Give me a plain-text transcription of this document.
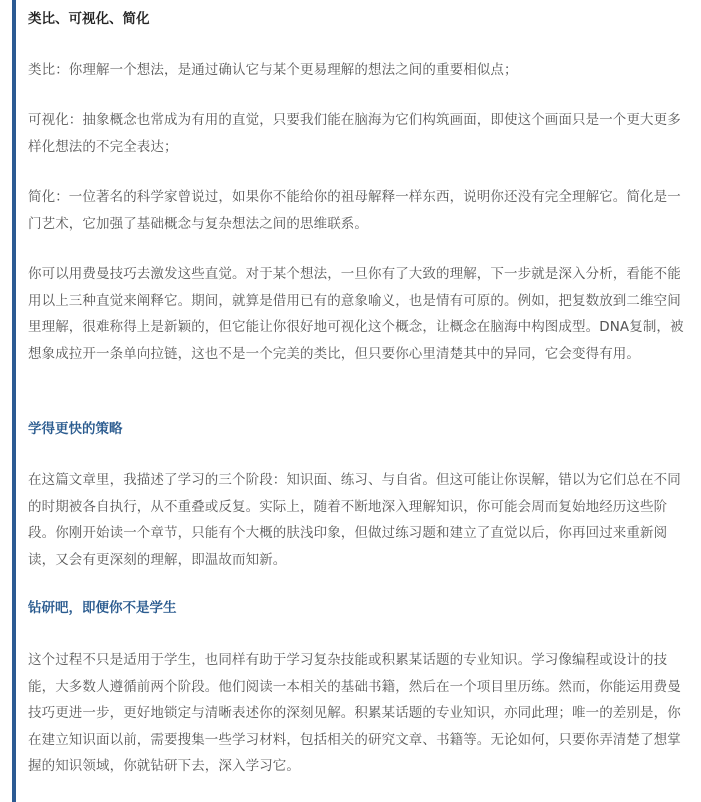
类比、可视化、简化

类比：你理解一个想法，是通过确认它与某个更易理解的想法之间的重要相似点；

可视化：抽象概念也常成为有用的直觉，只要我们能在脑海为它们构筑画面，即使这个画面只是一个更大更多样化想法的不完全表达；

简化：一位著名的科学家曾说过，如果你不能给你的祖母解释一样东西，说明你还没有完全理解它。简化是一门艺术，它加强了基础概念与复杂想法之间的思维联系。

你可以用费曼技巧去激发这些直觉。对于某个想法，一旦你有了大致的理解，下一步就是深入分析，看能不能用以上三种直觉来阐释它。期间，就算是借用已有的意象喻义，也是情有可原的。例如，把复数放到二维空间里理解，很难称得上是新颖的，但它能让你很好地可视化这个概念，让概念在脑海中构图成型。DNA复制，被想象成拉开一条单向拉链，这也不是一个完美的类比，但只要你心里清楚其中的异同，它会变得有用。

学得更快的策略

在这篇文章里，我描述了学习的三个阶段：知识面、练习、与自省。但这可能让你误解，错以为它们总在不同的时期被各自执行，从不重叠或反复。实际上，随着不断地深入理解知识，你可能会周而复始地经历这些阶段。你刚开始读一个章节，只能有个大概的肤浅印象，但做过练习题和建立了直觉以后，你再回过来重新阅读，又会有更深刻的理解，即温故而知新。

钻研吧，即便你不是学生

这个过程不只是适用于学生，也同样有助于学习复杂技能或积累某话题的专业知识。学习像编程或设计的技能，大多数人遵循前两个阶段。他们阅读一本相关的基础书籍，然后在一个项目里历练。然而，你能运用费曼技巧更进一步，更好地锁定与清晰表述你的深刻见解。积累某话题的专业知识，亦同此理；唯一的差别是，你在建立知识面以前，需要搜集一些学习材料，包括相关的研究文章、书籍等。无论如何，只要你弄清楚了想掌握的知识领域，你就钻研下去，深入学习它。
